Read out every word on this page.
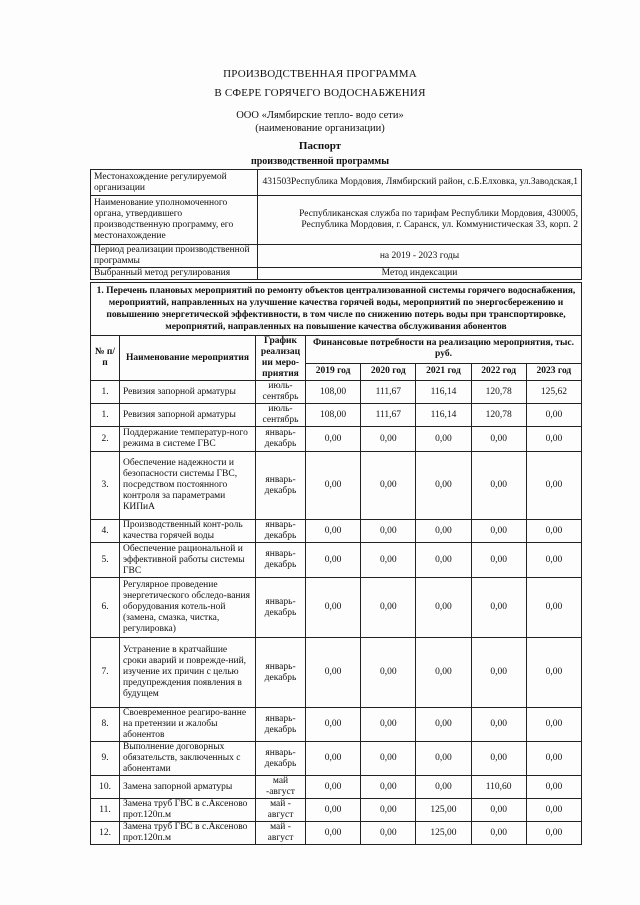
ПРОИЗВОДСТВЕННАЯ ПРОГРАММА
В СФЕРЕ ГОРЯЧЕГО ВОДОСНАБЖЕНИЯ
ООО «Лямбирские тепло- водо сети»
(наименование организации)
Паспорт
производственной программы
Местонахождение регулируемой организации	431503Республика Мордовия, Лямбирский район, с.Б.Елховка, ул.Заводская,1
Наименование уполномоченного органа, утвердившего производственную программу, его местонахождение	Республиканская служба по тарифам Республики Мордовия, 430005, Республика Мордовия, г. Саранск, ул. Коммунистическая 33, корп. 2
Период реализации производственной программы	на 2019 - 2023 годы
Выбранный метод регулирования	Метод индексации
1. Перечень плановых мероприятий по ремонту объектов централизованной системы горячего водоснабжения, мероприятий, направленных на улучшение качества горячей воды, мероприятий по энергосбережению и повышению энергетической эффективности, в том числе по снижению потерь воды при транспортировке, мероприятий, направленных на повышение качества обслуживания абонентов							
№ п/п	Наименование мероприятия	График реализац ии меро-приятия	Финансовые потребности на реализацию мероприятия, тыс. руб.				
			2019 год	2020 год	2021 год	2022 год	2023 год
1.	Ревизия запорной арматуры	июль-сентябрь	108,00	111,67	116,14	120,78	125,62
1.	Ревизия запорной арматуры	июль-сентябрь	108,00	111,67	116,14	120,78	0,00
2.	Поддержание температур-ного режима в системе ГВС	январь-декабрь	0,00	0,00	0,00	0,00	0,00
3.	Обеспечение надежности и безопасности системы ГВС, посредством постоянного контроля за параметрами КИПиА	январь-декабрь	0,00	0,00	0,00	0,00	0,00
4.	Производственный конт-роль качества горячей воды	январь-декабрь	0,00	0,00	0,00	0,00	0,00
5.	Обеспечение рациональной и эффективной работы системы ГВС	январь-декабрь	0,00	0,00	0,00	0,00	0,00
6.	Регулярное проведение энергетического обследо-вания оборудования котель-ной (замена, смазка, чистка, регулировка)	январь-декабрь	0,00	0,00	0,00	0,00	0,00
7.	Устранение в кратчайшие сроки аварий и поврежде-ний, изучение их причин с целью предупреждения появления в будущем	январь-декабрь	0,00	0,00	0,00	0,00	0,00
8.	Своевременное реагиро-ванне на претензии и жалобы абонентов	январь-декабрь	0,00	0,00	0,00	0,00	0,00
9.	Выполнение договорных обязательств, заключенных с абонентами	январь-декабрь	0,00	0,00	0,00	0,00	0,00
10.	Замена запорной арматуры	май -август	0,00	0,00	0,00	110,60	0,00
11.	Замена труб ГВС в с.Аксеново прот.120п.м	май - август	0,00	0,00	125,00	0,00	0,00
12.	Замена труб ГВС в с.Аксеново прот.120п.м	май - август	0,00	0,00	125,00	0,00	0,00
